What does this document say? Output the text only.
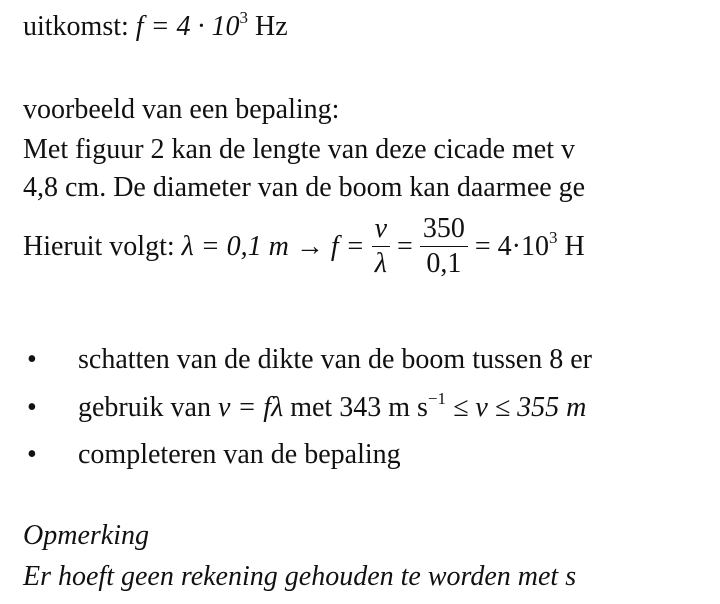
uitkomst: $f = 4 \cdot 10^3$ Hz
voorbeeld van een bepaling:
Met figuur 2 kan de lengte van deze cicade met v
4,8 cm. De diameter van de boom kan daarmee ge
Hieruit volgt: λ = 0,1 $m \to f = \frac{v}{\lambda} = \frac{350}{0,1} = 4\cdot 10^3$ H
• schatten van de dikte van de boom tussen 8 er
• gebruik van v = fλ met 343 m $s^{-1} \le v \le 355$ m
• completeren van de bepaling
Opmerking
Er hoeft geen rekening gehouden te worden met s
